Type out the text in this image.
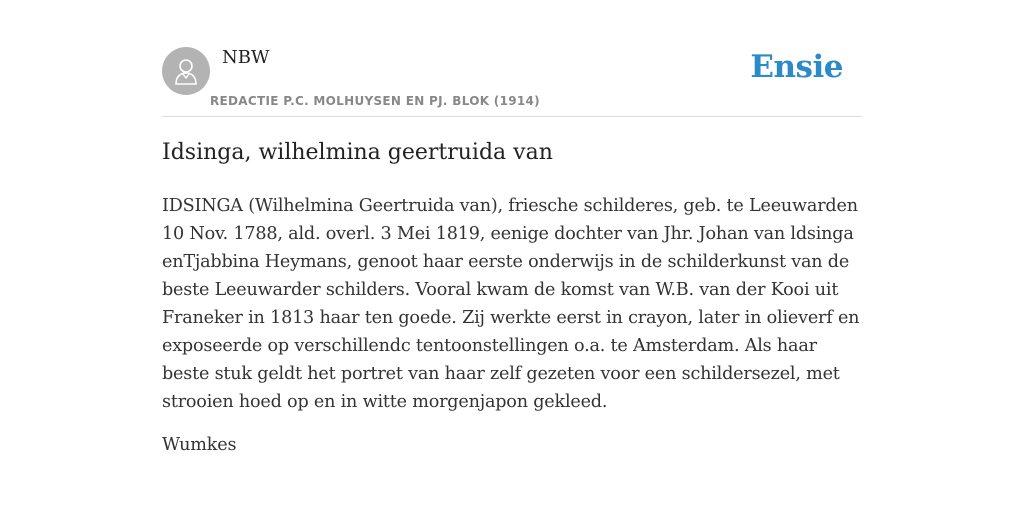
NBW
REDACTIE P.C. MOLHUYSEN EN PJ. BLOK (1914)
Ensie
Idsinga, wilhelmina geertruida van

IDSINGA (Wilhelmina Geertruida van), friesche schilderes, geb. te Leeuwarden 10 Nov. 1788, ald. overl. 3 Mei 1819, eenige dochter van Jhr. Johan van ldsinga enTjabbina Heymans, genoot haar eerste onderwijs in de schilderkunst van de beste Leeuwarder schilders. Vooral kwam de komst van W.B. van der Kooi uit Franeker in 1813 haar ten goede. Zij werkte eerst in crayon, later in olieverf en exposeerde op verschillendc tentoonstellingen o.a. te Amsterdam. Als haar beste stuk geldt het portret van haar zelf gezeten voor een schildersezel, met strooien hoed op en in witte morgenjapon gekleed.

Wumkes
